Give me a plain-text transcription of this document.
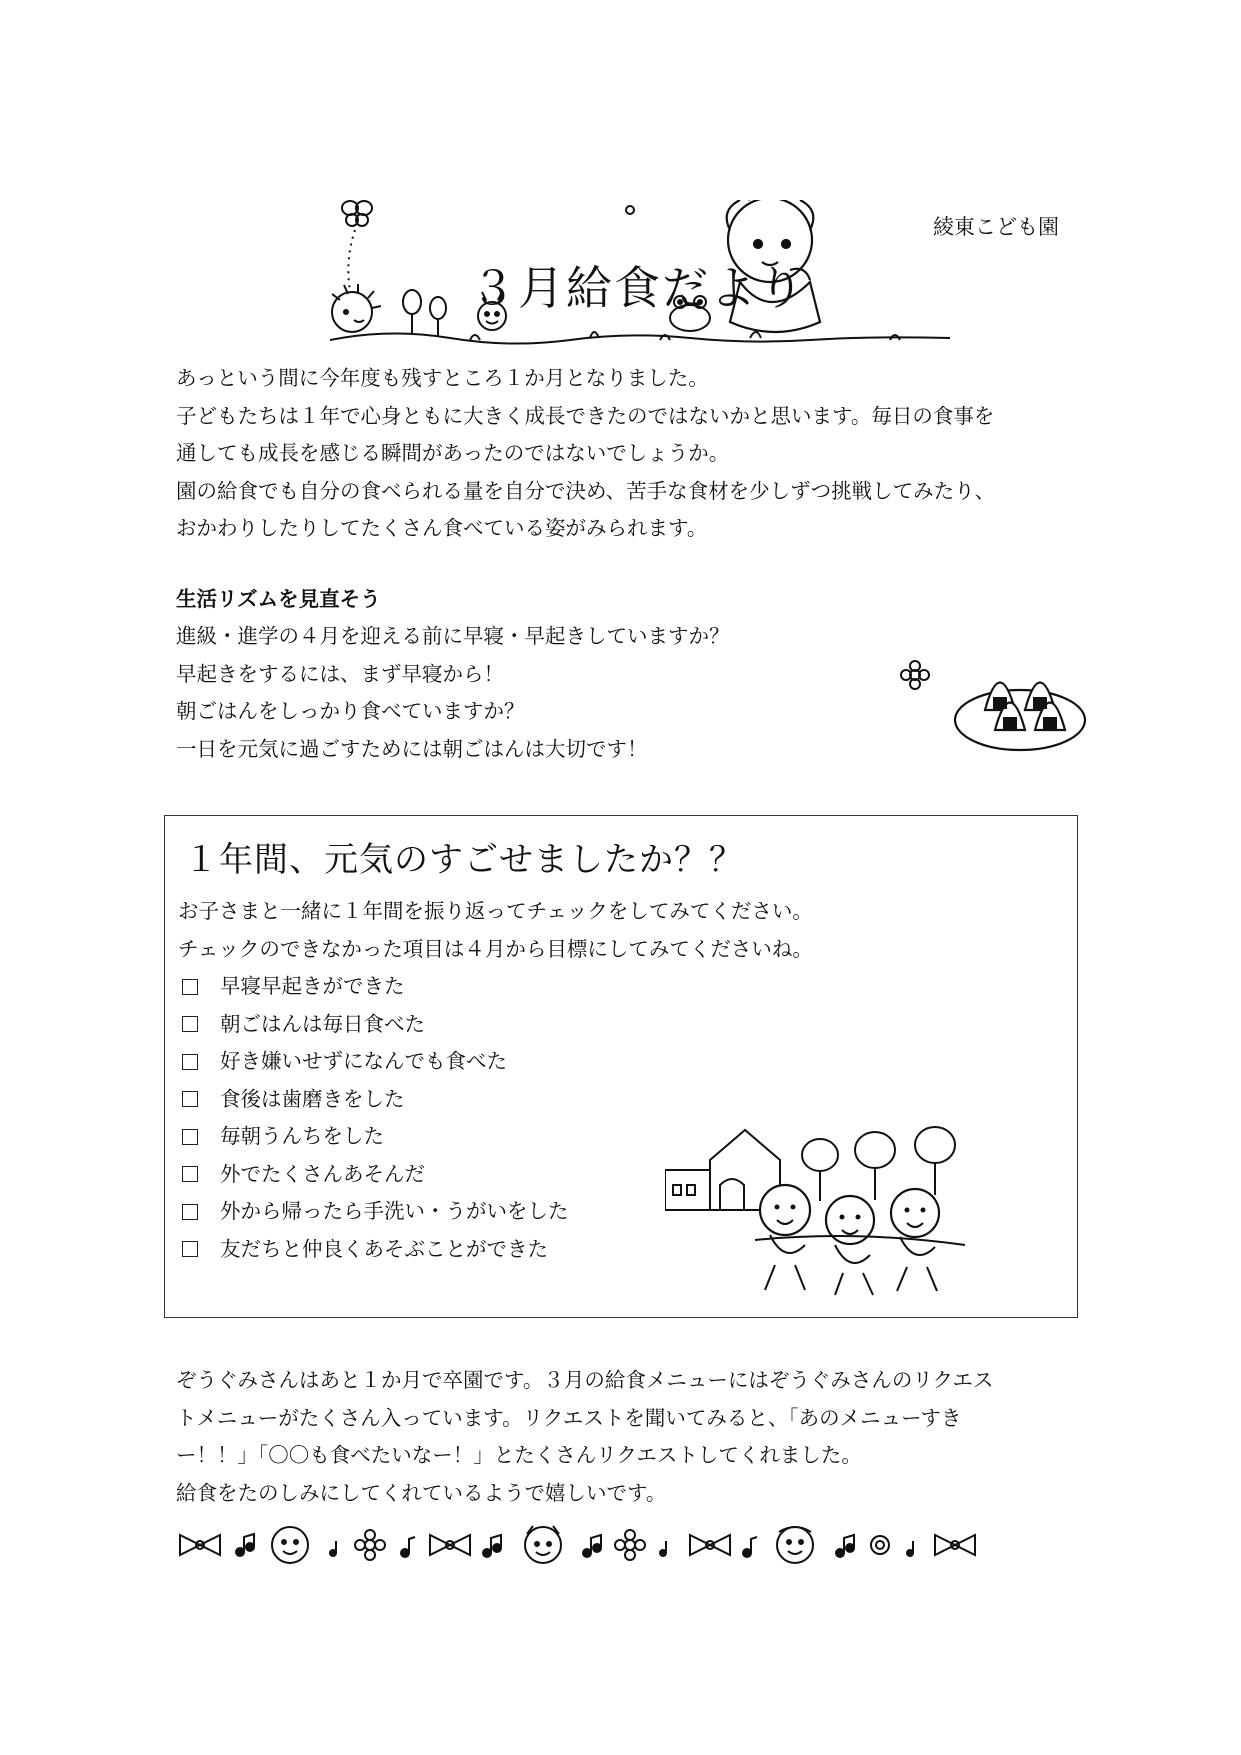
綾東こども園
３月給食だより

あっという間に今年度も残すところ１か月となりました。

子どもたちは１年で心身ともに大きく成長できたのではないかと思います。毎日の食事を

通しても成長を感じる瞬間があったのではないでしょうか。

園の給食でも自分の食べられる量を自分で決め、苦手な食材を少しずつ挑戦してみたり、

おかわりしたりしてたくさん食べている姿がみられます。

生活リズムを見直そう

進級・進学の４月を迎える前に早寝・早起きしていますか？

早起きをするには、まず早寝から！

朝ごはんをしっかり食べていますか？

一日を元気に過ごすためには朝ごはんは大切です！

１年間、元気のすごせましたか？？

お子さまと一緒に１年間を振り返ってチェックをしてみてください。

チェックのできなかった項目は４月から目標にしてみてくださいね。

早寝早起きができた
朝ごはんは毎日食べた
好き嫌いせずになんでも食べた
食後は歯磨きをした
毎朝うんちをした
外でたくさんあそんだ
外から帰ったら手洗い・うがいをした
友だちと仲良くあそぶことができた

ぞうぐみさんはあと１か月で卒園です。３月の給食メニューにはぞうぐみさんのリクエス

トメニューがたくさん入っています。リクエストを聞いてみると、「あのメニューすき

ー！！」「〇〇も食べたいなー！」とたくさんリクエストしてくれました。

給食をたのしみにしてくれているようで嬉しいです。
